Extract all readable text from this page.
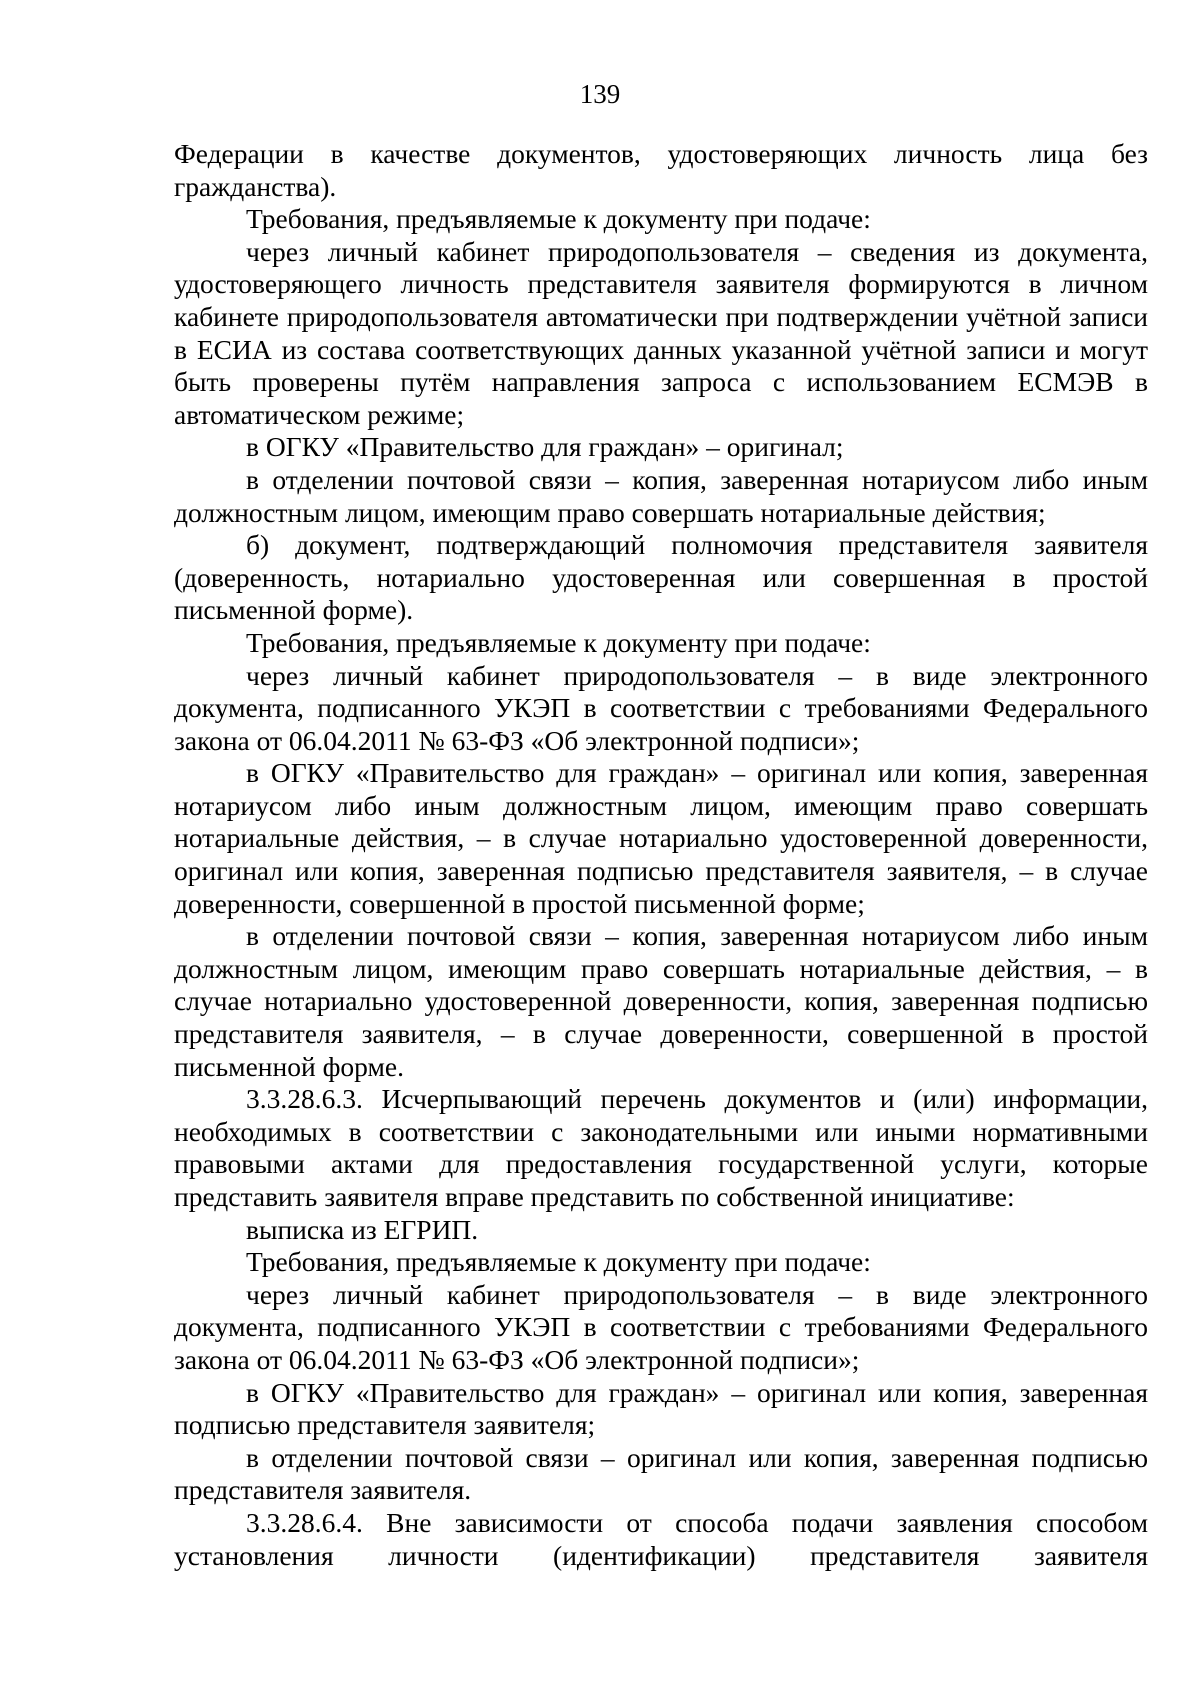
139

Федерации в качестве документов, удостоверяющих личность лица без гражданства).

Требования, предъявляемые к документу при подаче:

через личный кабинет природопользователя – сведения из документа, удостоверяющего личность представителя заявителя формируются в личном кабинете природопользователя автоматически при подтверждении учётной записи в ЕСИА из состава соответствующих данных указанной учётной записи и могут быть проверены путём направления запроса с использованием ЕСМЭВ в автоматическом режиме;

в ОГКУ «Правительство для граждан» – оригинал;

в отделении почтовой связи – копия, заверенная нотариусом либо иным должностным лицом, имеющим право совершать нотариальные действия;

б) документ, подтверждающий полномочия представителя заявителя (доверенность, нотариально удостоверенная или совершенная в простой письменной форме).

Требования, предъявляемые к документу при подаче:

через личный кабинет природопользователя – в виде электронного документа, подписанного УКЭП в соответствии с требованиями Федерального закона от 06.04.2011 № 63-ФЗ «Об электронной подписи»;

в ОГКУ «Правительство для граждан» – оригинал или копия, заверенная нотариусом либо иным должностным лицом, имеющим право совершать нотариальные действия, – в случае нотариально удостоверенной доверенности, оригинал или копия, заверенная подписью представителя заявителя, – в случае доверенности, совершенной в простой письменной форме;

в отделении почтовой связи – копия, заверенная нотариусом либо иным должностным лицом, имеющим право совершать нотариальные действия, – в случае нотариально удостоверенной доверенности, копия, заверенная подписью представителя заявителя, – в случае доверенности, совершенной в простой письменной форме.

3.3.28.6.3. Исчерпывающий перечень документов и (или) информации, необходимых в соответствии с законодательными или иными нормативными правовыми актами для предоставления государственной услуги, которые представить заявителя вправе представить по собственной инициативе:

выписка из ЕГРИП.

Требования, предъявляемые к документу при подаче:

через личный кабинет природопользователя – в виде электронного документа, подписанного УКЭП в соответствии с требованиями Федерального закона от 06.04.2011 № 63-ФЗ «Об электронной подписи»;

в ОГКУ «Правительство для граждан» – оригинал или копия, заверенная подписью представителя заявителя;

в отделении почтовой связи – оригинал или копия, заверенная подписью представителя заявителя.

3.3.28.6.4. Вне зависимости от способа подачи заявления способом установления личности (идентификации) представителя заявителя
